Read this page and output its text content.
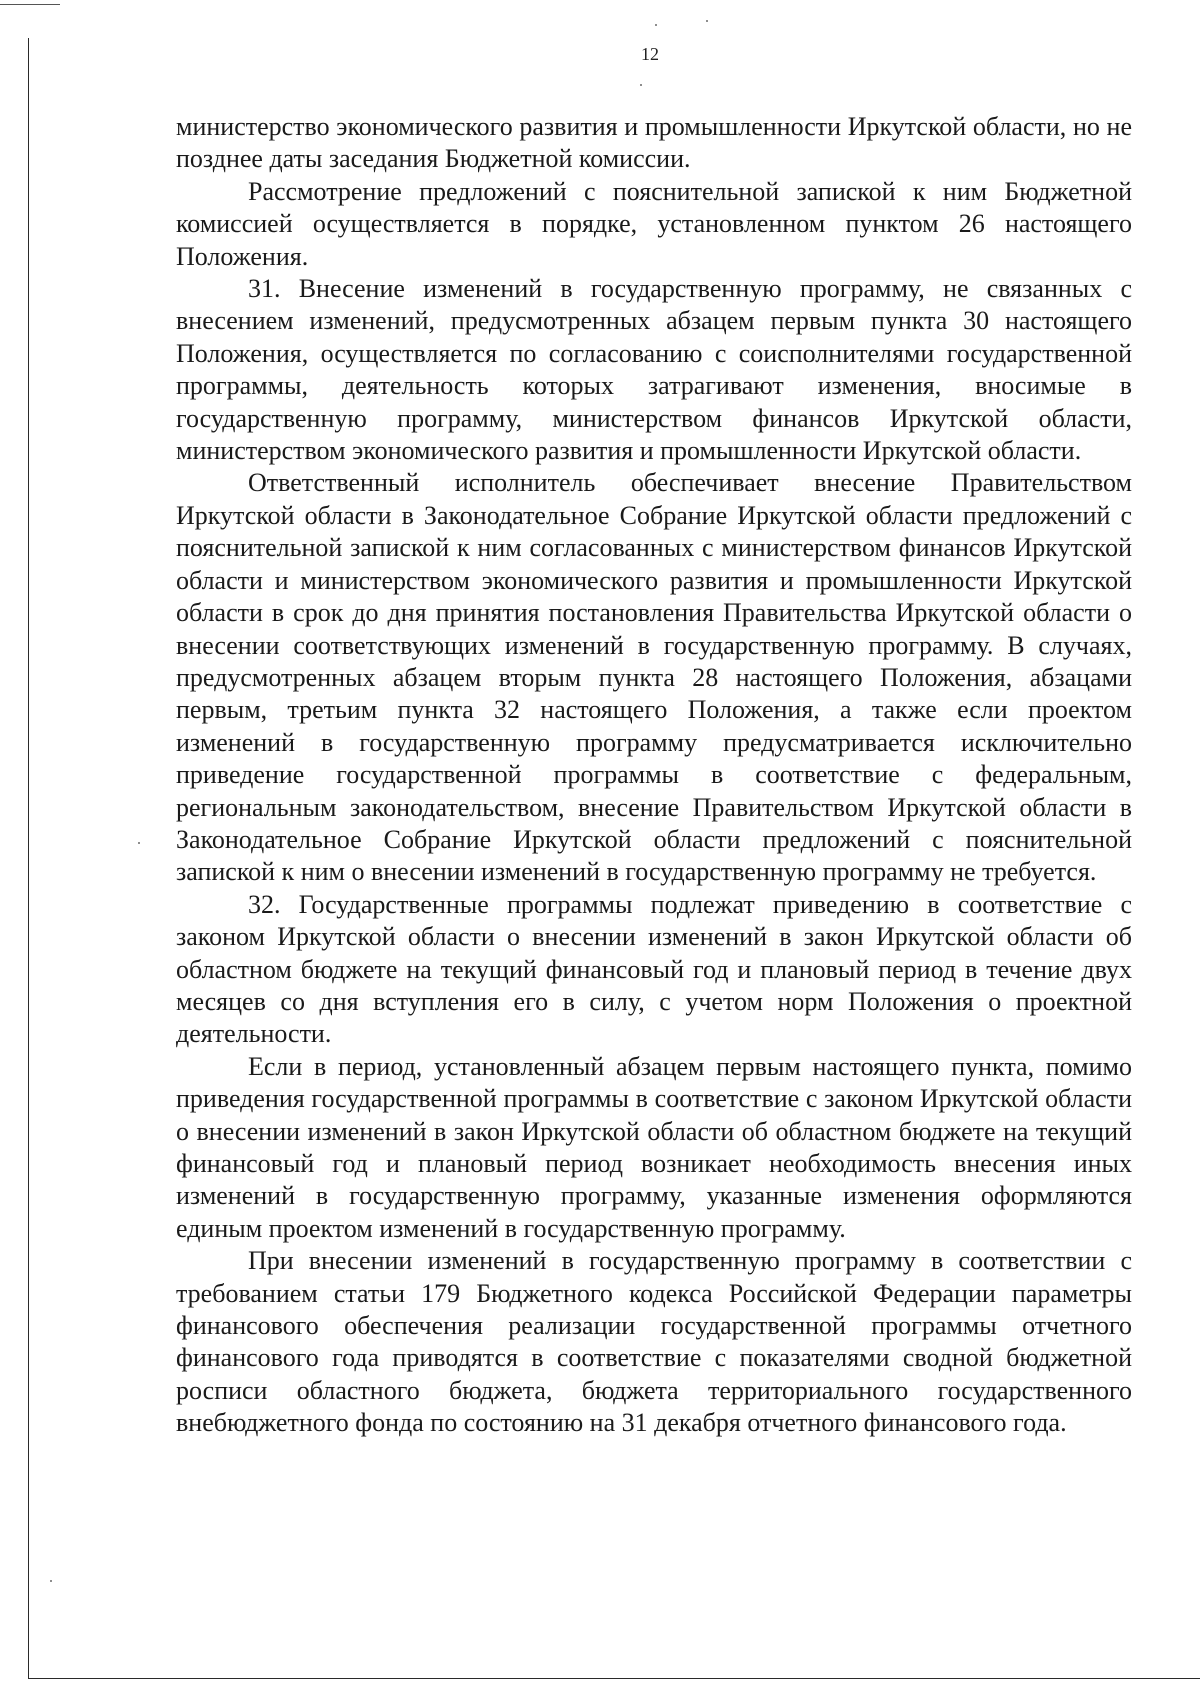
12

министерство экономического развития и промышленности Иркутской области, но не позднее даты заседания Бюджетной комиссии.

Рассмотрение предложений с пояснительной запиской к ним Бюджетной комиссией осуществляется в порядке, установленном пунктом 26 настоящего Положения.

31. Внесение изменений в государственную программу, не связанных с внесением изменений, предусмотренных абзацем первым пункта 30 настоящего Положения, осуществляется по согласованию с соисполнителями государственной программы, деятельность которых затрагивают изменения, вносимые в государственную программу, министерством финансов Иркутской области, министерством экономического развития и промышленности Иркутской области.

Ответственный исполнитель обеспечивает внесение Правительством Иркутской области в Законодательное Собрание Иркутской области предложений с пояснительной запиской к ним согласованных с министерством финансов Иркутской области и министерством экономического развития и промышленности Иркутской области в срок до дня принятия постановления Правительства Иркутской области о внесении соответствующих изменений в государственную программу. В случаях, предусмотренных абзацем вторым пункта 28 настоящего Положения, абзацами первым, третьим пункта 32 настоящего Положения, а также если проектом изменений в государственную программу предусматривается исключительно приведение государственной программы в соответствие с федеральным, региональным законодательством, внесение Правительством Иркутской области в Законодательное Собрание Иркутской области предложений с пояснительной запиской к ним о внесении изменений в государственную программу не требуется.

32. Государственные программы подлежат приведению в соответствие с законом Иркутской области о внесении изменений в закон Иркутской области об областном бюджете на текущий финансовый год и плановый период в течение двух месяцев со дня вступления его в силу, с учетом норм Положения о проектной деятельности.

Если в период, установленный абзацем первым настоящего пункта, помимо приведения государственной программы в соответствие с законом Иркутской области о внесении изменений в закон Иркутской области об областном бюджете на текущий финансовый год и плановый период возникает необходимость внесения иных изменений в государственную программу, указанные изменения оформляются единым проектом изменений в государственную программу.

При внесении изменений в государственную программу в соответствии с требованием статьи 179 Бюджетного кодекса Российской Федерации параметры финансового обеспечения реализации государственной программы отчетного финансового года приводятся в соответствие с показателями сводной бюджетной росписи областного бюджета, бюджета территориального государственного внебюджетного фонда по состоянию на 31 декабря отчетного финансового года.
